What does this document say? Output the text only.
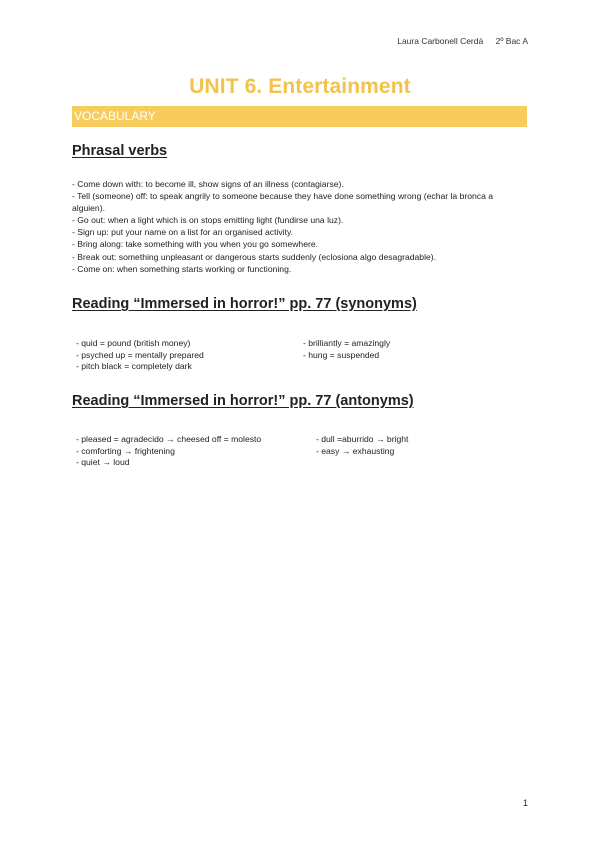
Laura Carbonell Cerdá 2º Bac A
UNIT 6. Entertainment
VOCABULARY
Phrasal verbs
- Come down with: to become ill, show signs of an illness (contagiarse).
- Tell (someone) off: to speak angrily to someone because they have done something wrong (echar la bronca a alguien).
- Go out: when a light which is on stops emitting light (fundirse una luz).
- Sign up: put your name on a list for an organised activity.
- Bring along: take something with you when you go somewhere.
- Break out: something unpleasant or dangerous starts suddenly (eclosiona algo desagradable).
- Come on: when something starts working or functioning.
Reading “Immersed in horror!” pp. 77 (synonyms)
- quid = pound (british money)
- psyched up = mentally prepared
- pitch black = completely dark
- brilliantly = amazingly
- hung = suspended
Reading “Immersed in horror!” pp. 77 (antonyms)
- pleased = agradecido → cheesed off = molesto
- comforting → frightening
- quiet → loud
- dull =aburrido → bright
- easy → exhausting
1
